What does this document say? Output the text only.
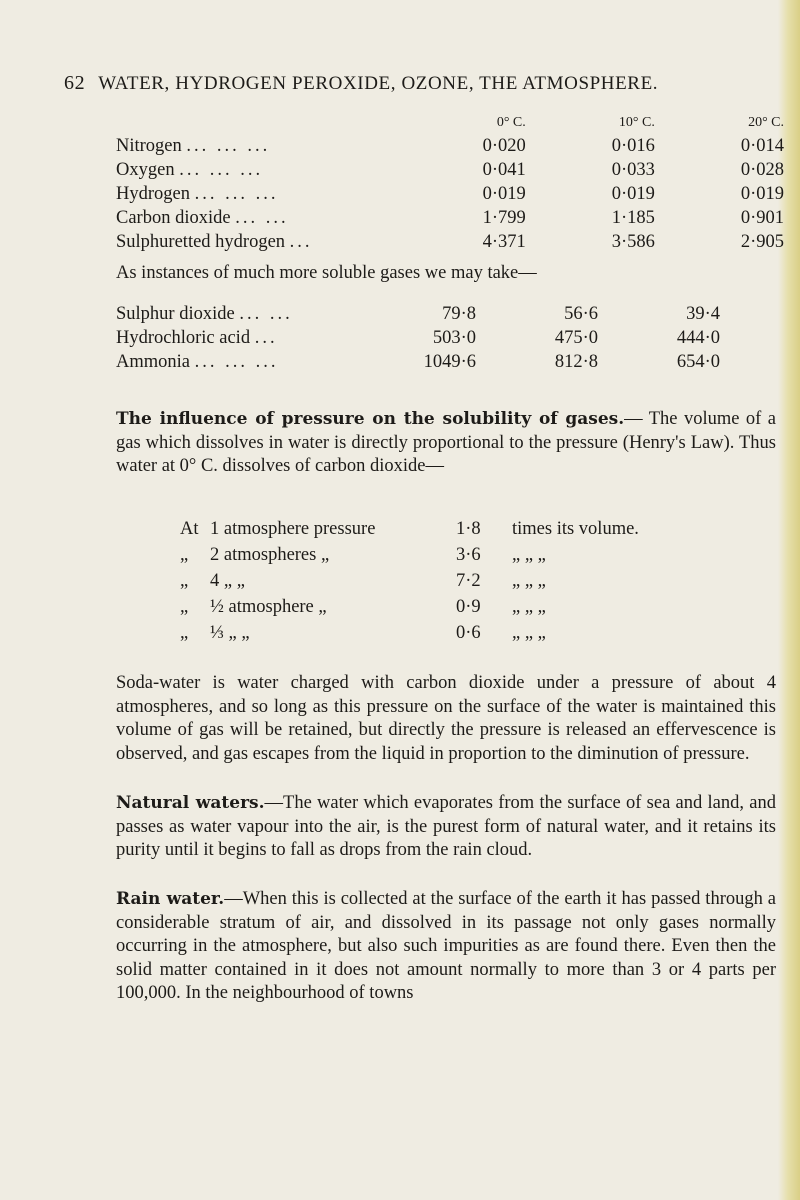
62 WATER, HYDROGEN PEROXIDE, OZONE, THE ATMOSPHERE.
	0° C.	10° C.	20° C.
Nitrogen ... ... ...	0·020	0·016	0·014
Oxygen ... ... ...	0·041	0·033	0·028
Hydrogen ... ... ...	0·019	0·019	0·019
Carbon dioxide ... ...	1·799	1·185	0·901
Sulphuretted hydrogen ...	4·371	3·586	2·905

As instances of much more soluble gases we may take—

Sulphur dioxide ... ...	79·8	56·6	39·4
Hydrochloric acid ...	503·0	475·0	444·0
Ammonia ... ... ...	1049·6	812·8	654·0

The influence of pressure on the solubility of gases.— The volume of a gas which dissolves in water is directly proportional to the pressure (Henry's Law). Thus water at 0° C. dissolves of carbon dioxide—

At	1 atmosphere pressure	1·8	times its volume.
„	2 atmospheres „	3·6	„ „ „
„	4 „ „	7·2	„ „ „
„	½ atmosphere „	0·9	„ „ „
„	⅓ „ „	0·6	„ „ „

Soda-water is water charged with carbon dioxide under a pressure of about 4 atmospheres, and so long as this pressure on the surface of the water is maintained this volume of gas will be retained, but directly the pressure is released an effervescence is observed, and gas escapes from the liquid in proportion to the diminution of pressure.

Natural waters.—The water which evaporates from the surface of sea and land, and passes as water vapour into the air, is the purest form of natural water, and it retains its purity until it begins to fall as drops from the rain cloud.

Rain water.—When this is collected at the surface of the earth it has passed through a considerable stratum of air, and dissolved in its passage not only gases normally occurring in the atmosphere, but also such impurities as are found there. Even then the solid matter contained in it does not amount normally to more than 3 or 4 parts per 100,000. In the neighbourhood of towns
